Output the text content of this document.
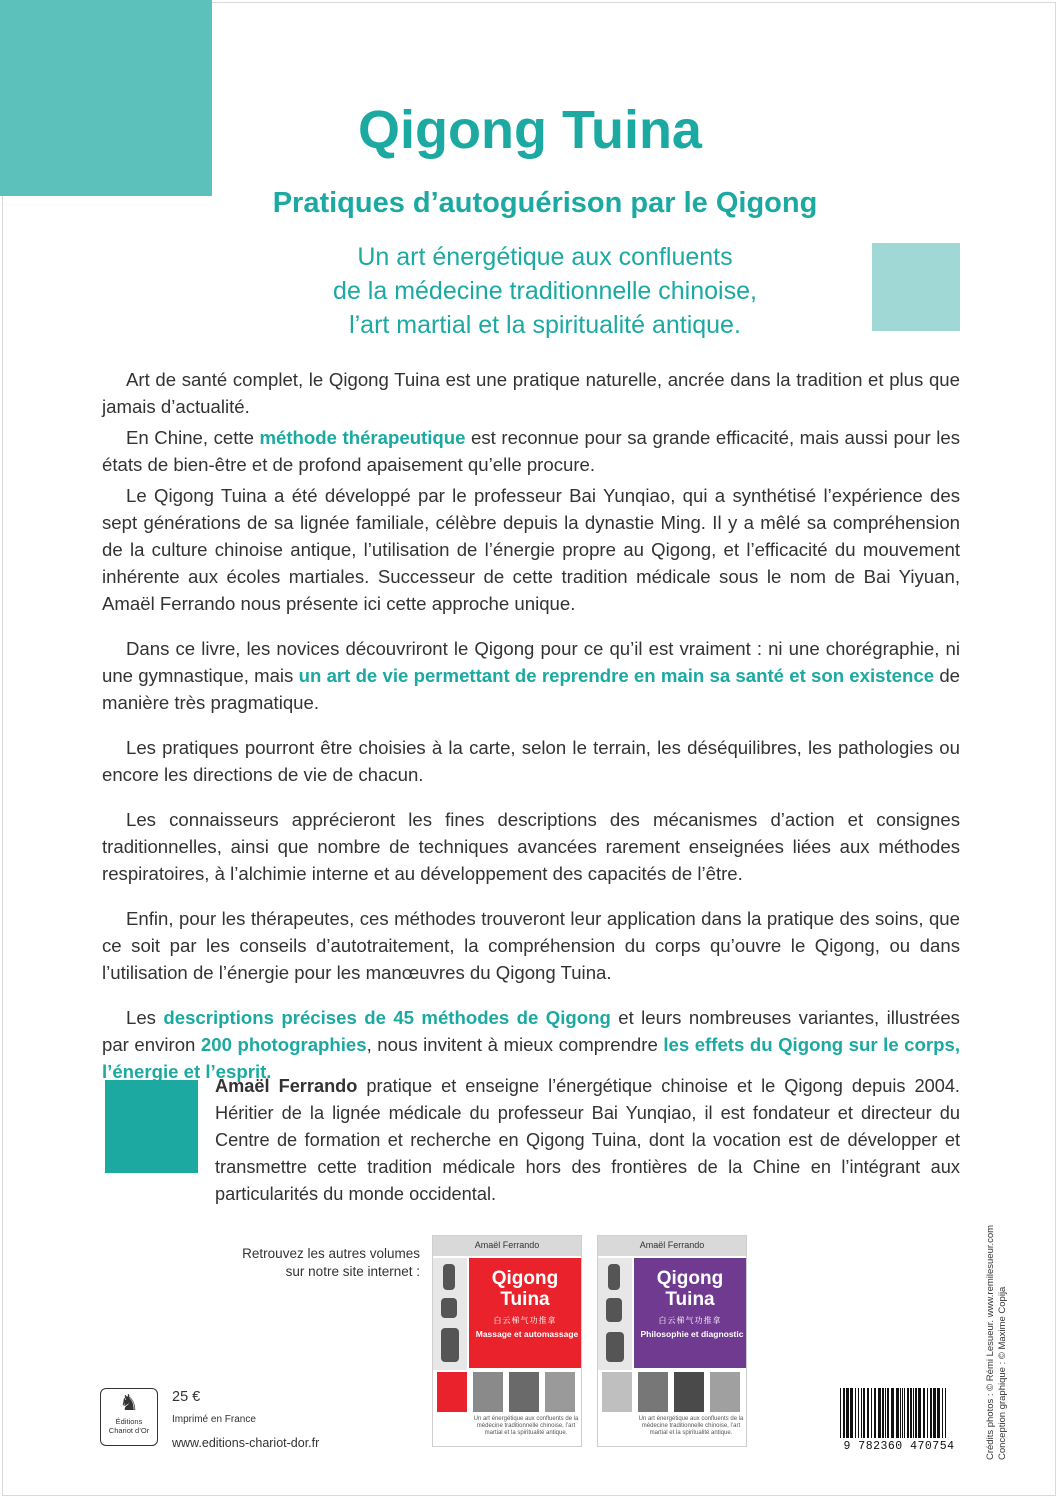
Qigong Tuina
Pratiques d’autoguérison par le Qigong
Un art énergétique aux confluents
de la médecine traditionnelle chinoise,
l’art martial et la spiritualité antique.

Art de santé complet, le Qigong Tuina est une pratique naturelle, ancrée dans la tradition et plus que jamais d’actualité.

En Chine, cette méthode thérapeutique est reconnue pour sa grande efficacité, mais aussi pour les états de bien-être et de profond apaisement qu’elle procure.

Le Qigong Tuina a été développé par le professeur Bai Yunqiao, qui a synthétisé l’expérience des sept générations de sa lignée familiale, célèbre depuis la dynastie Ming. Il y a mêlé sa compréhension de la culture chinoise antique, l’utilisation de l’énergie propre au Qigong, et l’efficacité du mouvement inhérente aux écoles martiales. Successeur de cette tradition médicale sous le nom de Bai Yiyuan, Amaël Ferrando nous présente ici cette approche unique.

Dans ce livre, les novices découvriront le Qigong pour ce qu’il est vraiment : ni une chorégraphie, ni une gymnastique, mais un art de vie permettant de reprendre en main sa santé et son existence de manière très pragmatique.

Les pratiques pourront être choisies à la carte, selon le terrain, les déséquilibres, les pathologies ou encore les directions de vie de chacun.

Les connaisseurs apprécieront les fines descriptions des mécanismes d’action et consignes traditionnelles, ainsi que nombre de techniques avancées rarement enseignées liées aux méthodes respiratoires, à l’alchimie interne et au développement des capacités de l’être.

Enfin, pour les thérapeutes, ces méthodes trouveront leur application dans la pratique des soins, que ce soit par les conseils d’autotraitement, la compréhension du corps qu’ouvre le Qigong, ou dans l’utilisation de l’énergie pour les manœuvres du Qigong Tuina.

Les descriptions précises de 45 méthodes de Qigong et leurs nombreuses variantes, illustrées par environ 200 photographies, nous invitent à mieux comprendre les effets du Qigong sur le corps, l’énergie et l’esprit.

Amaël Ferrando pratique et enseigne l’énergétique chinoise et le Qigong depuis 2004. Héritier de la lignée médicale du professeur Bai Yunqiao, il est fondateur et directeur du Centre de formation et recherche en Qigong Tuina, dont la vocation est de développer et transmettre cette tradition médicale hors des frontières de la Chine en l’intégrant aux particularités du monde occidental.
Retrouvez les autres volumes
sur notre site internet :
Amaël Ferrando
Qigong
Tuina
白云梯气功推拿
Massage et automassage
Un art énergétique aux confluents de la médecine traditionnelle chinoise, l’art martial et la spiritualité antique.
Amaël Ferrando
Qigong
Tuina
白云梯气功推拿
Philosophie et diagnostic
Un art énergétique aux confluents de la médecine traditionnelle chinoise, l’art martial et la spiritualité antique.
♞
Éditions
Chariot d’Or
25 €
Imprimé en France
www.editions-chariot-dor.fr	9 782360 470754	Crédits photos : © Rémi Lesueur. www.remilesueur.com Conception graphique : © Maxime Copija
